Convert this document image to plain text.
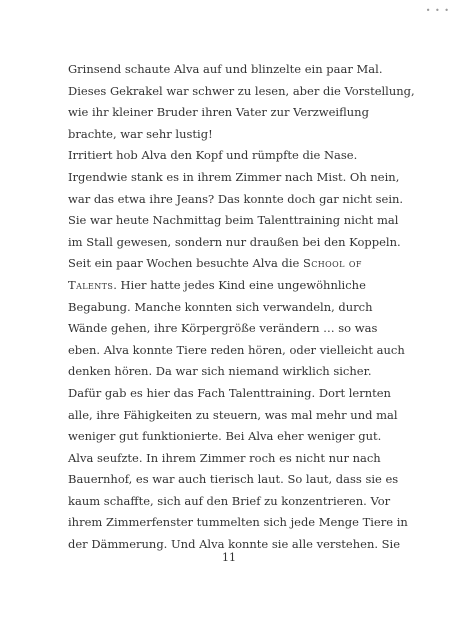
• • •
Grinsend schaute Alva auf und blinzelte ein paar Mal.
Dieses Gekrakel war schwer zu lesen, aber die Vorstellung,
wie ihr kleiner Bruder ihren Vater zur Verzweiflung
brachte, war sehr lustig!
Irritiert hob Alva den Kopf und rümpfte die Nase.
Irgendwie stank es in ihrem Zimmer nach Mist. Oh nein,
war das etwa ihre Jeans? Das konnte doch gar nicht sein.
Sie war heute Nachmittag beim Talenttraining nicht mal
im Stall gewesen, sondern nur draußen bei den Koppeln.
Seit ein paar Wochen besuchte Alva die School of
Talents. Hier hatte jedes Kind eine ungewöhnliche
Begabung. Manche konnten sich verwandeln, durch
Wände gehen, ihre Körpergröße verändern … so was
eben. Alva konnte Tiere reden hören, oder vielleicht auch
denken hören. Da war sich niemand wirklich sicher.
Dafür gab es hier das Fach Talenttraining. Dort lernten
alle, ihre Fähigkeiten zu steuern, was mal mehr und mal
weniger gut funktionierte. Bei Alva eher weniger gut.
Alva seufzte. In ihrem Zimmer roch es nicht nur nach
Bauernhof, es war auch tierisch laut. So laut, dass sie es
kaum schaffte, sich auf den Brief zu konzentrieren. Vor
ihrem Zimmerfenster tummelten sich jede Menge Tiere in
der Dämmerung. Und Alva konnte sie alle verstehen. Sie
11
